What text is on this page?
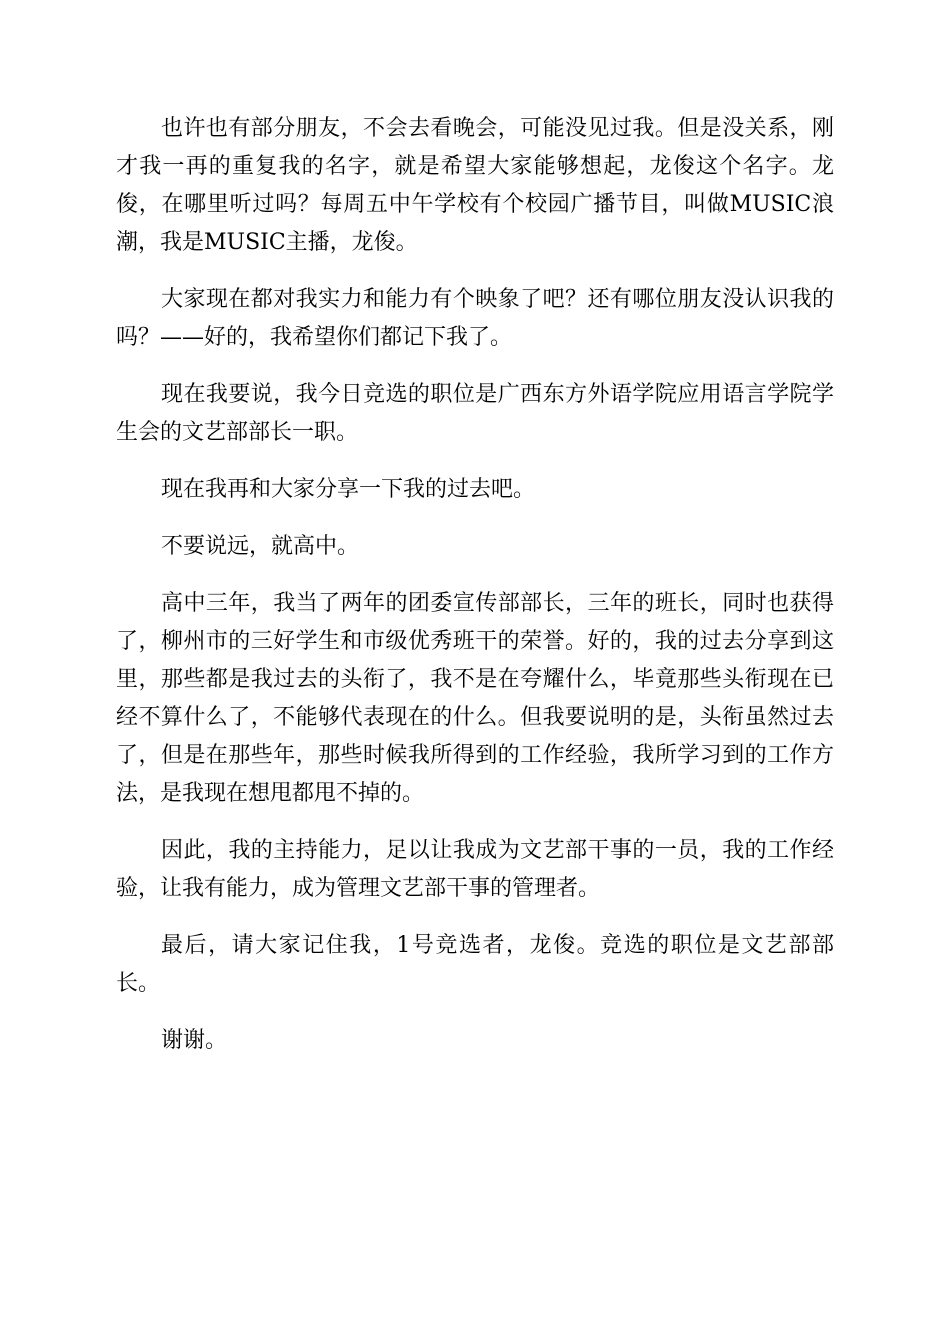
也许也有部分朋友，不会去看晚会，可能没见过我。但是没关系，刚才我一再的重复我的名字，就是希望大家能够想起，龙俊这个名字。龙俊，在哪里听过吗？每周五中午学校有个校园广播节目，叫做MUSIC浪潮，我是MUSIC主播，龙俊。

大家现在都对我实力和能力有个映象了吧？还有哪位朋友没认识我的吗？——好的，我希望你们都记下我了。

现在我要说，我今日竞选的职位是广西东方外语学院应用语言学院学生会的文艺部部长一职。

现在我再和大家分享一下我的过去吧。

不要说远，就高中。

高中三年，我当了两年的团委宣传部部长，三年的班长，同时也获得了，柳州市的三好学生和市级优秀班干的荣誉。好的，我的过去分享到这里，那些都是我过去的头衔了，我不是在夸耀什么，毕竟那些头衔现在已经不算什么了，不能够代表现在的什么。但我要说明的是，头衔虽然过去了，但是在那些年，那些时候我所得到的工作经验，我所学习到的工作方法，是我现在想甩都甩不掉的。

因此，我的主持能力，足以让我成为文艺部干事的一员，我的工作经验，让我有能力，成为管理文艺部干事的管理者。

最后，请大家记住我，1号竞选者，龙俊。竞选的职位是文艺部部长。

谢谢。
